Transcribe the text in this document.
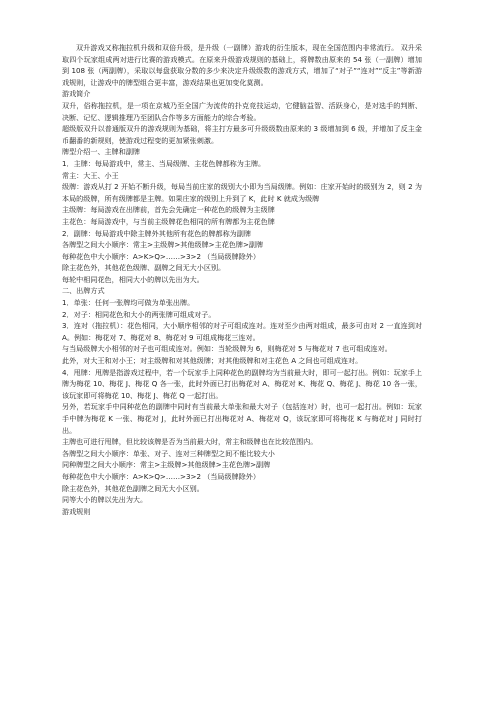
双升游戏又称拖拉机升级和双倍升级，是升级（一副牌）游戏的衍生版本，现在全国范围内非常流行。 双升采取四个玩家组成两对进行比赛的游戏模式。在原来升级游戏规则的基础上，将牌数由原来的 54 张（一副牌）增加到 108 张（两副牌），采取以每盘获取分数的多少来决定升级级数的游戏方式，增加了“对子”“连对”“反主”等新游戏规则，让游戏中的牌型组合更丰富，游戏结果也更加变化莫测。

游戏简介

双升，俗称拖拉机，是一项在京城乃至全国广为流传的扑克竞技运动，它健脑益智、活跃身心，是对选手的判断、决断、记忆、逻辑推理乃至团队合作等多方面能力的综合考验。

超级版双升以普通版双升的游戏规则为基础，将主打方最多可升级级数由原来的 3 级增加到 6 级，并增加了反主金币翻番的新规则，使游戏过程变的更加紧张刺激。

牌型介绍一、主牌和副牌

1．主牌：每局游戏中，常主、当局级牌、主花色牌都称为主牌。

常主：大王、小王

级牌：游戏从打 2 开始不断升级，每局当前庄家的级别大小即为当局级牌。例如：庄家开始时的级别为 2，则 2 为本局的级牌，所有级牌都是主牌。如果庄家的级别上升到了 K，此时 K 就成为级牌

主级牌：每局游戏在出牌前，首先会先确定一种花色的级牌为主级牌

主花色：每局游戏中，与当前主级牌花色相同的所有牌都为主花色牌

2．副牌：每局游戏中除主牌外其他所有花色的牌都称为副牌

各牌型之间大小顺序：常主>主级牌>其他级牌>主花色牌>副牌

每种花色中大小顺序：A>K>Q>……>3>2 （当局级牌除外）

除主花色外，其他花色级牌、副牌之间无大小区别。

每轮中相同花色，相同大小的牌以先出为大。

二、出牌方式

1．单张：任何一张牌均可做为单张出牌。

2．对子：相同花色和大小的两张牌可组成对子。

3．连对（拖拉机）：花色相同，大小顺序相邻的对子可组成连对。连对至少由两对组成，最多可由对 2 一直连到对 A。例如：梅花对 7、梅花对 8、梅花对 9 可组成梅花三连对。

与当局级牌大小相邻的对子也可组成连对。例如：当轮级牌为 6，则梅花对 5 与梅花对 7 也可组成连对。

此外，对大王和对小王；对主级牌和对其他级牌；对其他级牌和对主花色 A 之间也可组成连对。

4．甩牌：甩牌是指游戏过程中，若一个玩家手上同种花色的副牌均为当前最大时，即可一起打出。例如：玩家手上牌为梅花 10、梅花 J、梅花 Q 各一张，此时外面已打出梅花对 A、梅花对 K、梅花 Q、梅花 J、梅花 10 各一张，该玩家即可将梅花 10、梅花 J、梅花 Q 一起打出。

另外，若玩家手中同种花色的副牌中同时有当前最大单张和最大对子（包括连对）时，也可一起打出。例如：玩家手中牌为梅花 K 一张、梅花对 J，此时外面已打出梅花对 A、梅花对 Q，该玩家即可将梅花 K 与梅花对 J 同时打出。

主牌也可进行甩牌，但比较该牌是否为当前最大时，常主和级牌也在比较范围内。

各牌型之间大小顺序：单张、对子、连对三种牌型之间不能比较大小

同种牌型之间大小顺序：常主>主级牌>其他级牌>主花色牌>副牌

每种花色中大小顺序：A>K>Q>……>3>2 （当局级牌除外）

除主花色外，其他花色副牌之间无大小区别。

同等大小的牌以先出为大。

游戏规则
